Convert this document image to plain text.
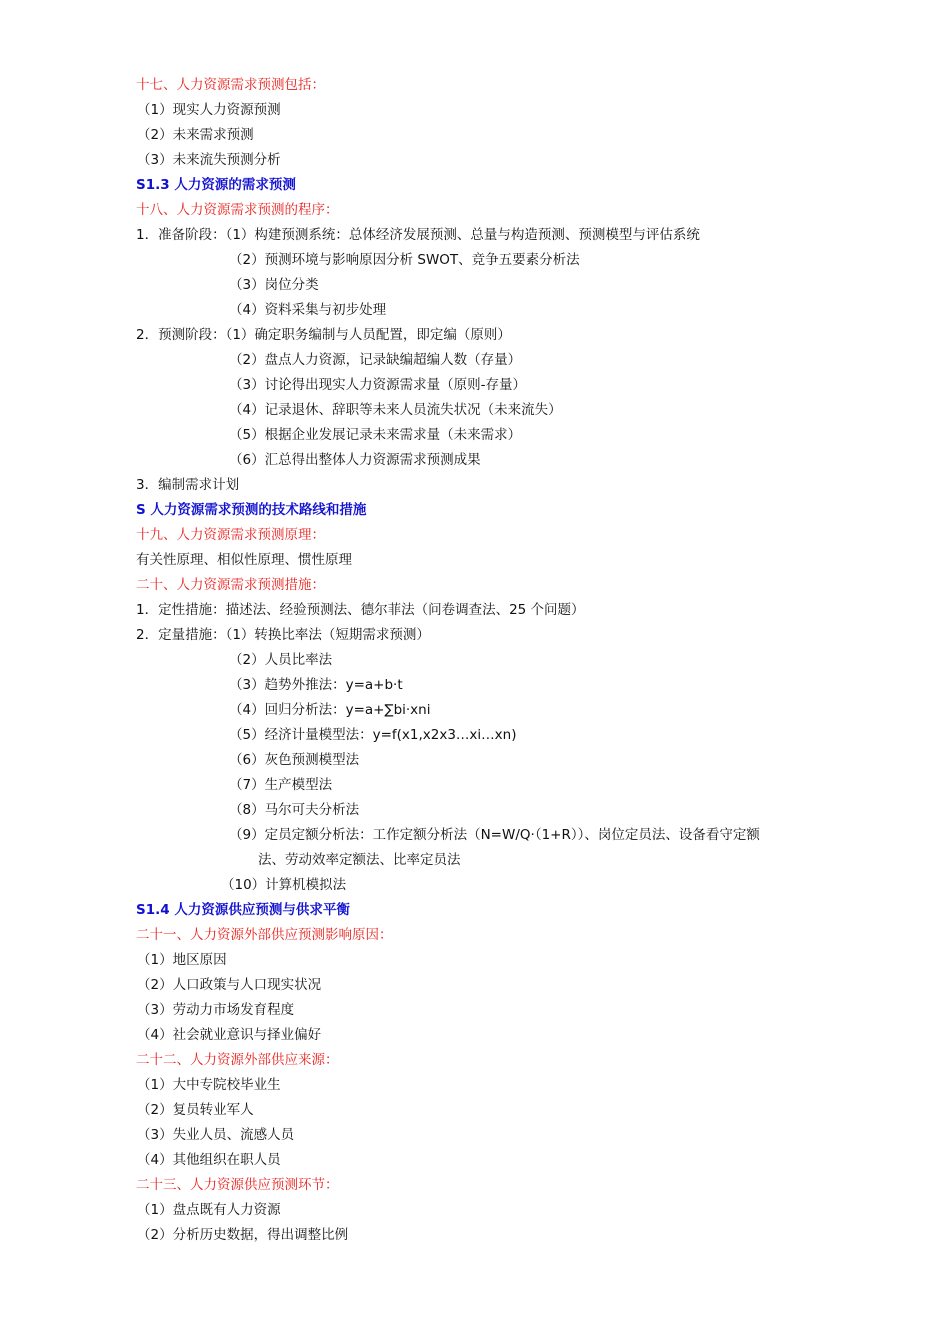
十七、人力资源需求预测包括：
（1）现实人力资源预测
（2）未来需求预测
（3）未来流失预测分析
S1.3 人力资源的需求预测
十八、人力资源需求预测的程序：
1．准备阶段：（1）构建预测系统：总体经济发展预测、总量与构造预测、预测模型与评估系统
（2）预测环境与影响原因分析 SWOT、竞争五要素分析法
（3）岗位分类
（4）资料采集与初步处理
2．预测阶段：（1）确定职务编制与人员配置，即定编（原则）
（2）盘点人力资源，记录缺编超编人数（存量）
（3）讨论得出现实人力资源需求量（原则-存量）
（4）记录退休、辞职等未来人员流失状况（未来流失）
（5）根据企业发展记录未来需求量（未来需求）
（6）汇总得出整体人力资源需求预测成果
3．编制需求计划
S 人力资源需求预测的技术路线和措施
十九、人力资源需求预测原理：
有关性原理、相似性原理、惯性原理
二十、人力资源需求预测措施：
1．定性措施：描述法、经验预测法、德尔菲法（问卷调查法、25 个问题）
2．定量措施：（1）转换比率法（短期需求预测）
（2）人员比率法
（3）趋势外推法：y=a+b·t
（4）回归分析法：y=a+∑bi·xni
（5）经济计量模型法：y=f(x1,x2x3…xi…xn)
（6）灰色预测模型法
（7）生产模型法
（8）马尔可夫分析法
（9）定员定额分析法：工作定额分析法（N=W/Q·（1+R））、岗位定员法、设备看守定额
法、劳动效率定额法、比率定员法
（10）计算机模拟法
S1.4 人力资源供应预测与供求平衡
二十一、人力资源外部供应预测影响原因：
（1）地区原因
（2）人口政策与人口现实状况
（3）劳动力市场发育程度
（4）社会就业意识与择业偏好
二十二、人力资源外部供应来源：
（1）大中专院校毕业生
（2）复员转业军人
（3）失业人员、流感人员
（4）其他组织在职人员
二十三、人力资源供应预测环节：
（1）盘点既有人力资源
（2）分析历史数据，得出调整比例
